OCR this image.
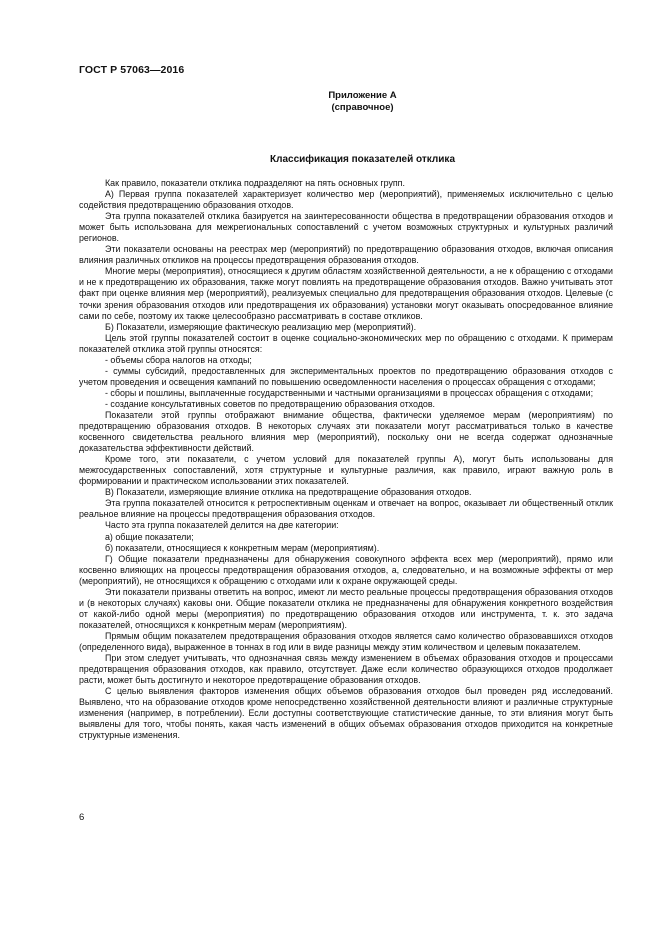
ГОСТ Р 57063—2016
Приложение А
(справочное)
Классификация показателей отклика

Как правило, показатели отклика подразделяют на пять основных групп.

А) Первая группа показателей характеризует количество мер (мероприятий), применяемых исключительно с целью содействия предотвращению образования отходов.

Эта группа показателей отклика базируется на заинтересованности общества в предотвращении образования отходов и может быть использована для межрегиональных сопоставлений с учетом возможных структурных и культурных различий регионов.

Эти показатели основаны на реестрах мер (мероприятий) по предотвращению образования отходов, включая описания влияния различных откликов на процессы предотвращения образования отходов.

Многие меры (мероприятия), относящиеся к другим областям хозяйственной деятельности, а не к обращению с отходами и не к предотвращению их образования, также могут повлиять на предотвращение образования отходов. Важно учитывать этот факт при оценке влияния мер (мероприятий), реализуемых специально для предотвращения образования отходов. Целевые (с точки зрения образования отходов или предотвращения их образования) установки могут оказывать опосредованное влияние сами по себе, поэтому их также целесообразно рассматривать в составе откликов.

Б) Показатели, измеряющие фактическую реализацию мер (мероприятий).

Цель этой группы показателей состоит в оценке социально-экономических мер по обращению с отходами. К примерам показателей отклика этой группы относятся:

- объемы сбора налогов на отходы;

- суммы субсидий, предоставленных для экспериментальных проектов по предотвращению образования отходов с учетом проведения и освещения кампаний по повышению осведомленности населения о процессах обращения с отходами;

- сборы и пошлины, выплаченные государственными и частными организациями в процессах обращения с отходами;

- создание консультативных советов по предотвращению образования отходов.

Показатели этой группы отображают внимание общества, фактически уделяемое мерам (мероприятиям) по предотвращению образования отходов. В некоторых случаях эти показатели могут рассматриваться только в качестве косвенного свидетельства реального влияния мер (мероприятий), поскольку они не всегда содержат однозначные доказательства эффективности действий.

Кроме того, эти показатели, с учетом условий для показателей группы А), могут быть использованы для межгосударственных сопоставлений, хотя структурные и культурные различия, как правило, играют важную роль в формировании и практическом использовании этих показателей.

В) Показатели, измеряющие влияние отклика на предотвращение образования отходов.

Эта группа показателей относится к ретроспективным оценкам и отвечает на вопрос, оказывает ли общественный отклик реальное влияние на процессы предотвращения образования отходов.

Часто эта группа показателей делится на две категории:

а) общие показатели;

б) показатели, относящиеся к конкретным мерам (мероприятиям).

Г) Общие показатели предназначены для обнаружения совокупного эффекта всех мер (мероприятий), прямо или косвенно влияющих на процессы предотвращения образования отходов, а, следовательно, и на возможные эффекты от мер (мероприятий), не относящихся к обращению с отходами или к охране окружающей среды.

Эти показатели призваны ответить на вопрос, имеют ли место реальные процессы предотвращения образования отходов и (в некоторых случаях) каковы они. Общие показатели отклика не предназначены для обнаружения конкретного воздействия от какой-либо одной меры (мероприятия) по предотвращению образования отходов или инструмента, т. к. это задача показателей, относящихся к конкретным мерам (мероприятиям).

Прямым общим показателем предотвращения образования отходов является само количество образовавшихся отходов (определенного вида), выраженное в тоннах в год или в виде разницы между этим количеством и целевым показателем.

При этом следует учитывать, что однозначная связь между изменением в объемах образования отходов и процессами предотвращения образования отходов, как правило, отсутствует. Даже если количество образующихся отходов продолжает расти, может быть достигнуто и некоторое предотвращение образования отходов.

С целью выявления факторов изменения общих объемов образования отходов был проведен ряд исследований. Выявлено, что на образование отходов кроме непосредственно хозяйственной деятельности влияют и различные структурные изменения (например, в потреблении). Если доступны соответствующие статистические данные, то эти влияния могут быть выявлены для того, чтобы понять, какая часть изменений в общих объемах образования отходов приходится на конкретные структурные изменения.

6
